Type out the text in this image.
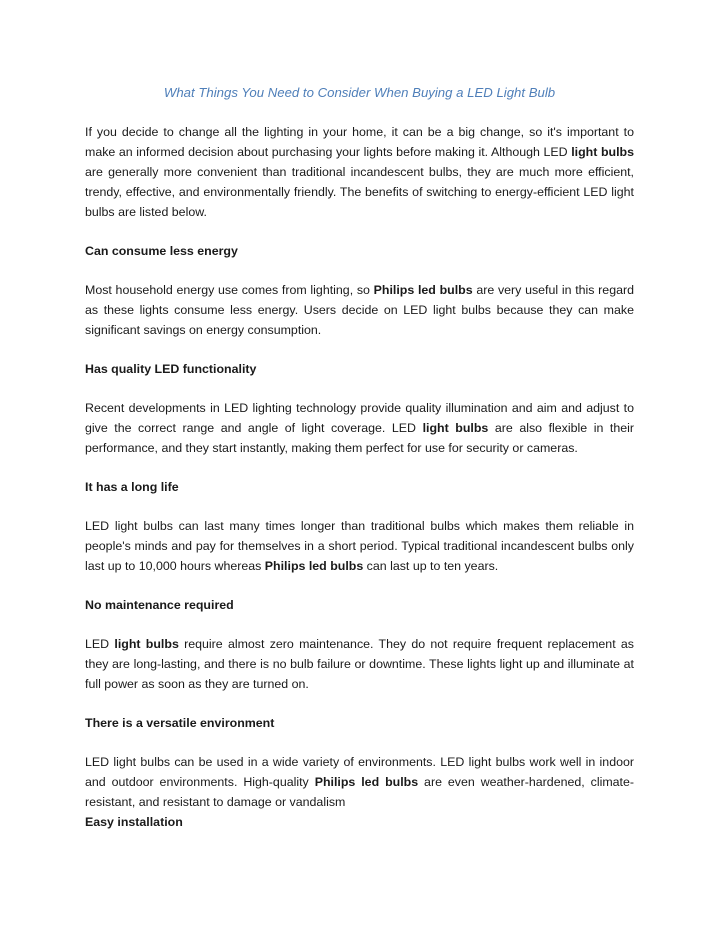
What Things You Need to Consider When Buying a LED Light Bulb

If you decide to change all the lighting in your home, it can be a big change, so it's important to make an informed decision about purchasing your lights before making it. Although LED light bulbs are generally more convenient than traditional incandescent bulbs, they are much more efficient, trendy, effective, and environmentally friendly. The benefits of switching to energy-efficient LED light bulbs are listed below.

Can consume less energy

Most household energy use comes from lighting, so Philips led bulbs are very useful in this regard as these lights consume less energy. Users decide on LED light bulbs because they can make significant savings on energy consumption.

Has quality LED functionality

Recent developments in LED lighting technology provide quality illumination and aim and adjust to give the correct range and angle of light coverage. LED light bulbs are also flexible in their performance, and they start instantly, making them perfect for use for security or cameras.

It has a long life

LED light bulbs can last many times longer than traditional bulbs which makes them reliable in people's minds and pay for themselves in a short period. Typical traditional incandescent bulbs only last up to 10,000 hours whereas Philips led bulbs can last up to ten years.

No maintenance required

LED light bulbs require almost zero maintenance. They do not require frequent replacement as they are long-lasting, and there is no bulb failure or downtime. These lights light up and illuminate at full power as soon as they are turned on.

There is a versatile environment

LED light bulbs can be used in a wide variety of environments. LED light bulbs work well in indoor and outdoor environments. High-quality Philips led bulbs are even weather-hardened, climate-resistant, and resistant to damage or vandalism

Easy installation
